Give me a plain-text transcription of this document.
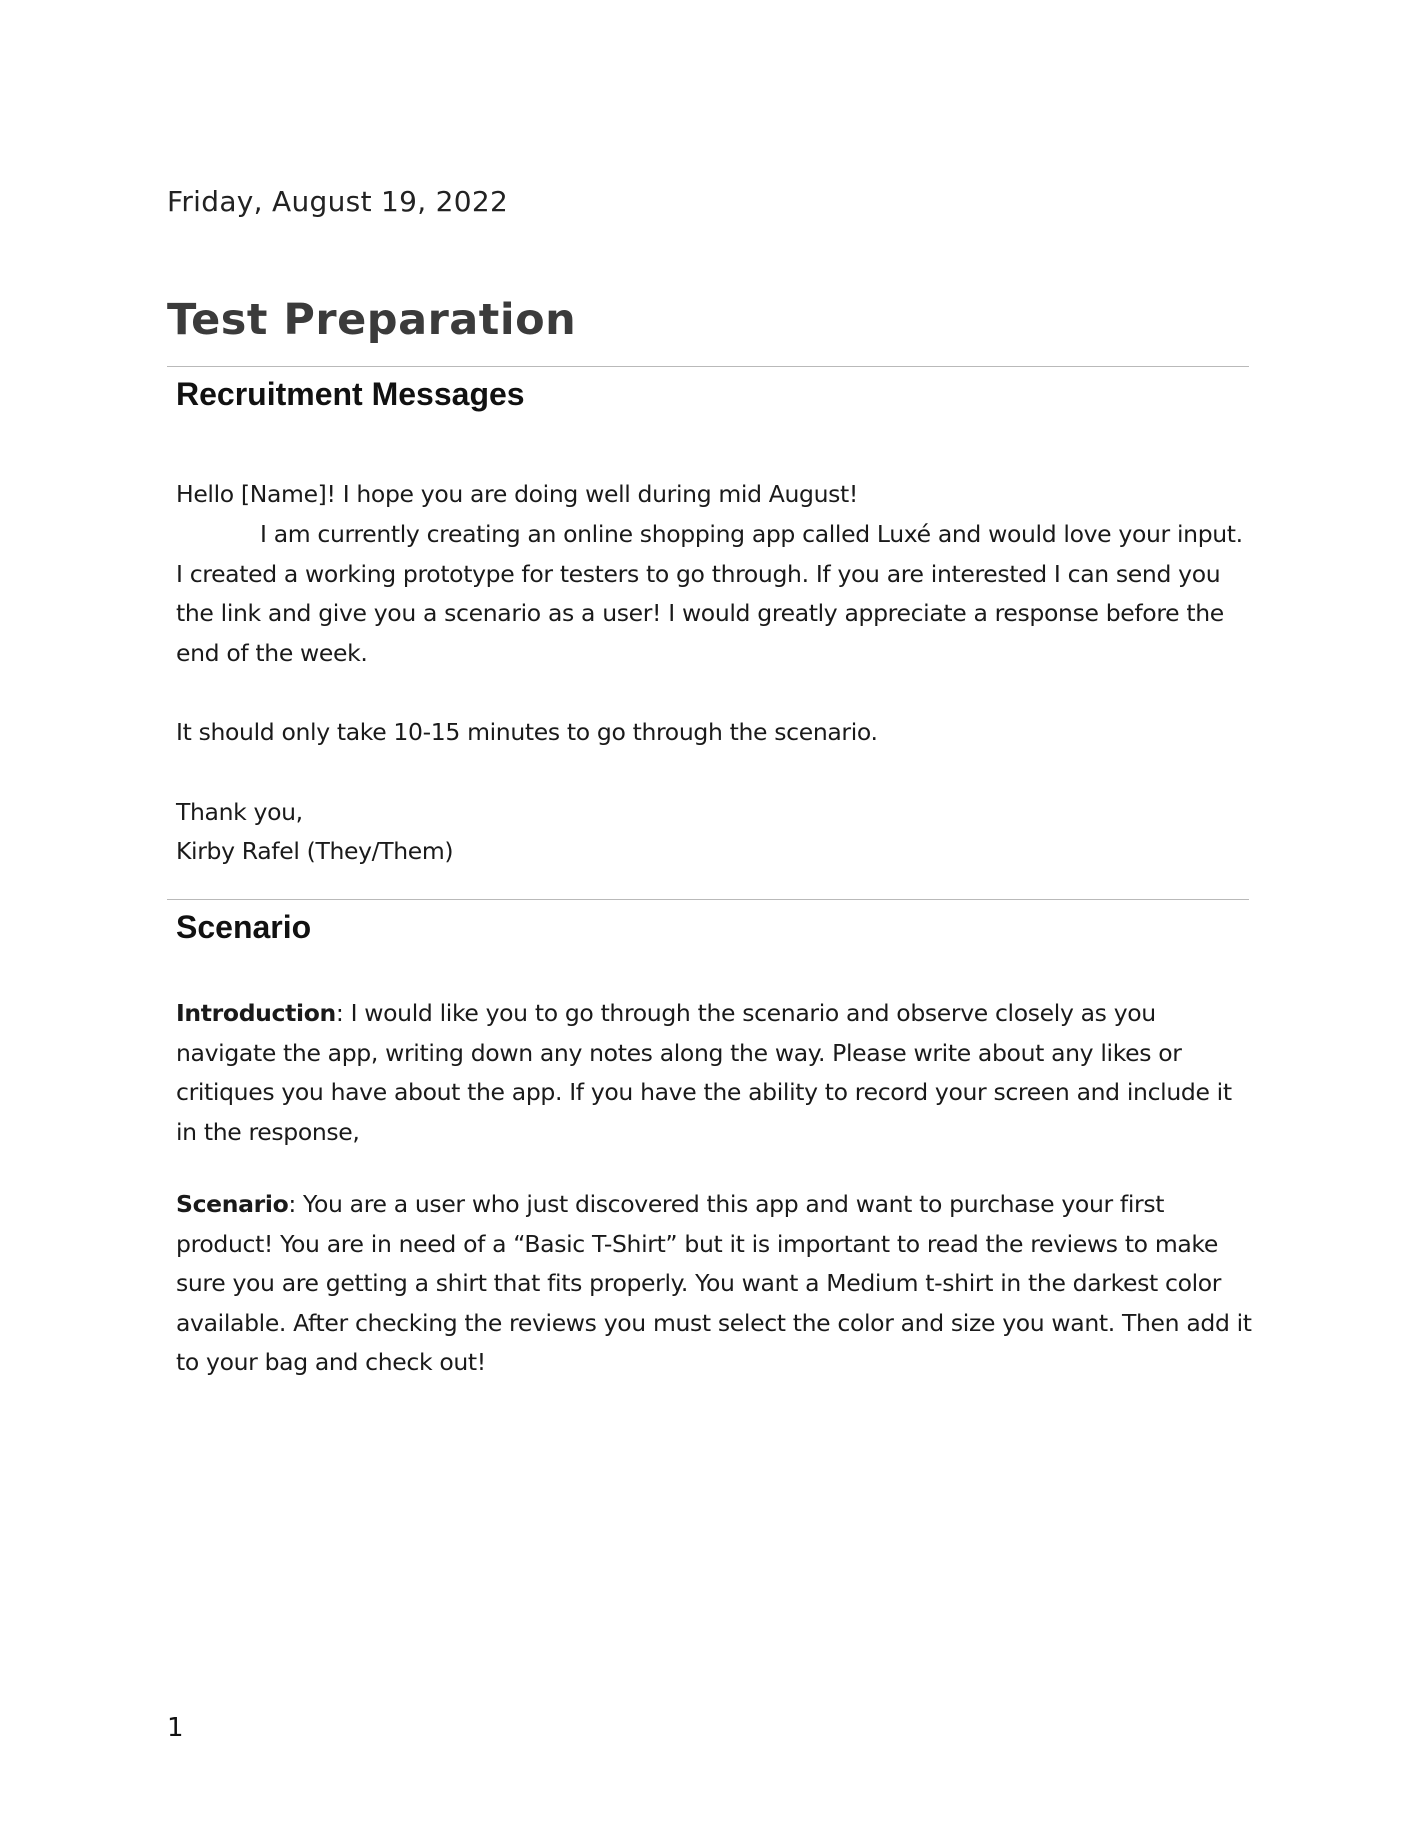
Friday, August 19, 2022
Test Preparation
Recruitment Messages

Hello [Name]! I hope you are doing well during mid August!

I am currently creating an online shopping app called Luxé and would love your input. I created a working prototype for testers to go through. If you are interested I can send you the link and give you a scenario as a user! I would greatly appreciate a response before the end of the week.

It should only take 10-15 minutes to go through the scenario.

Thank you,

Kirby Rafel (They/Them)

Scenario

Introduction: I would like you to go through the scenario and observe closely as you navigate the app, writing down any notes along the way. Please write about any likes or critiques you have about the app. If you have the ability to record your screen and include it in the response,

Scenario: You are a user who just discovered this app and want to purchase your first product! You are in need of a “Basic T-Shirt” but it is important to read the reviews to make sure you are getting a shirt that fits properly. You want a Medium t-shirt in the darkest color available. After checking the reviews you must select the color and size you want. Then add it to your bag and check out!

1
